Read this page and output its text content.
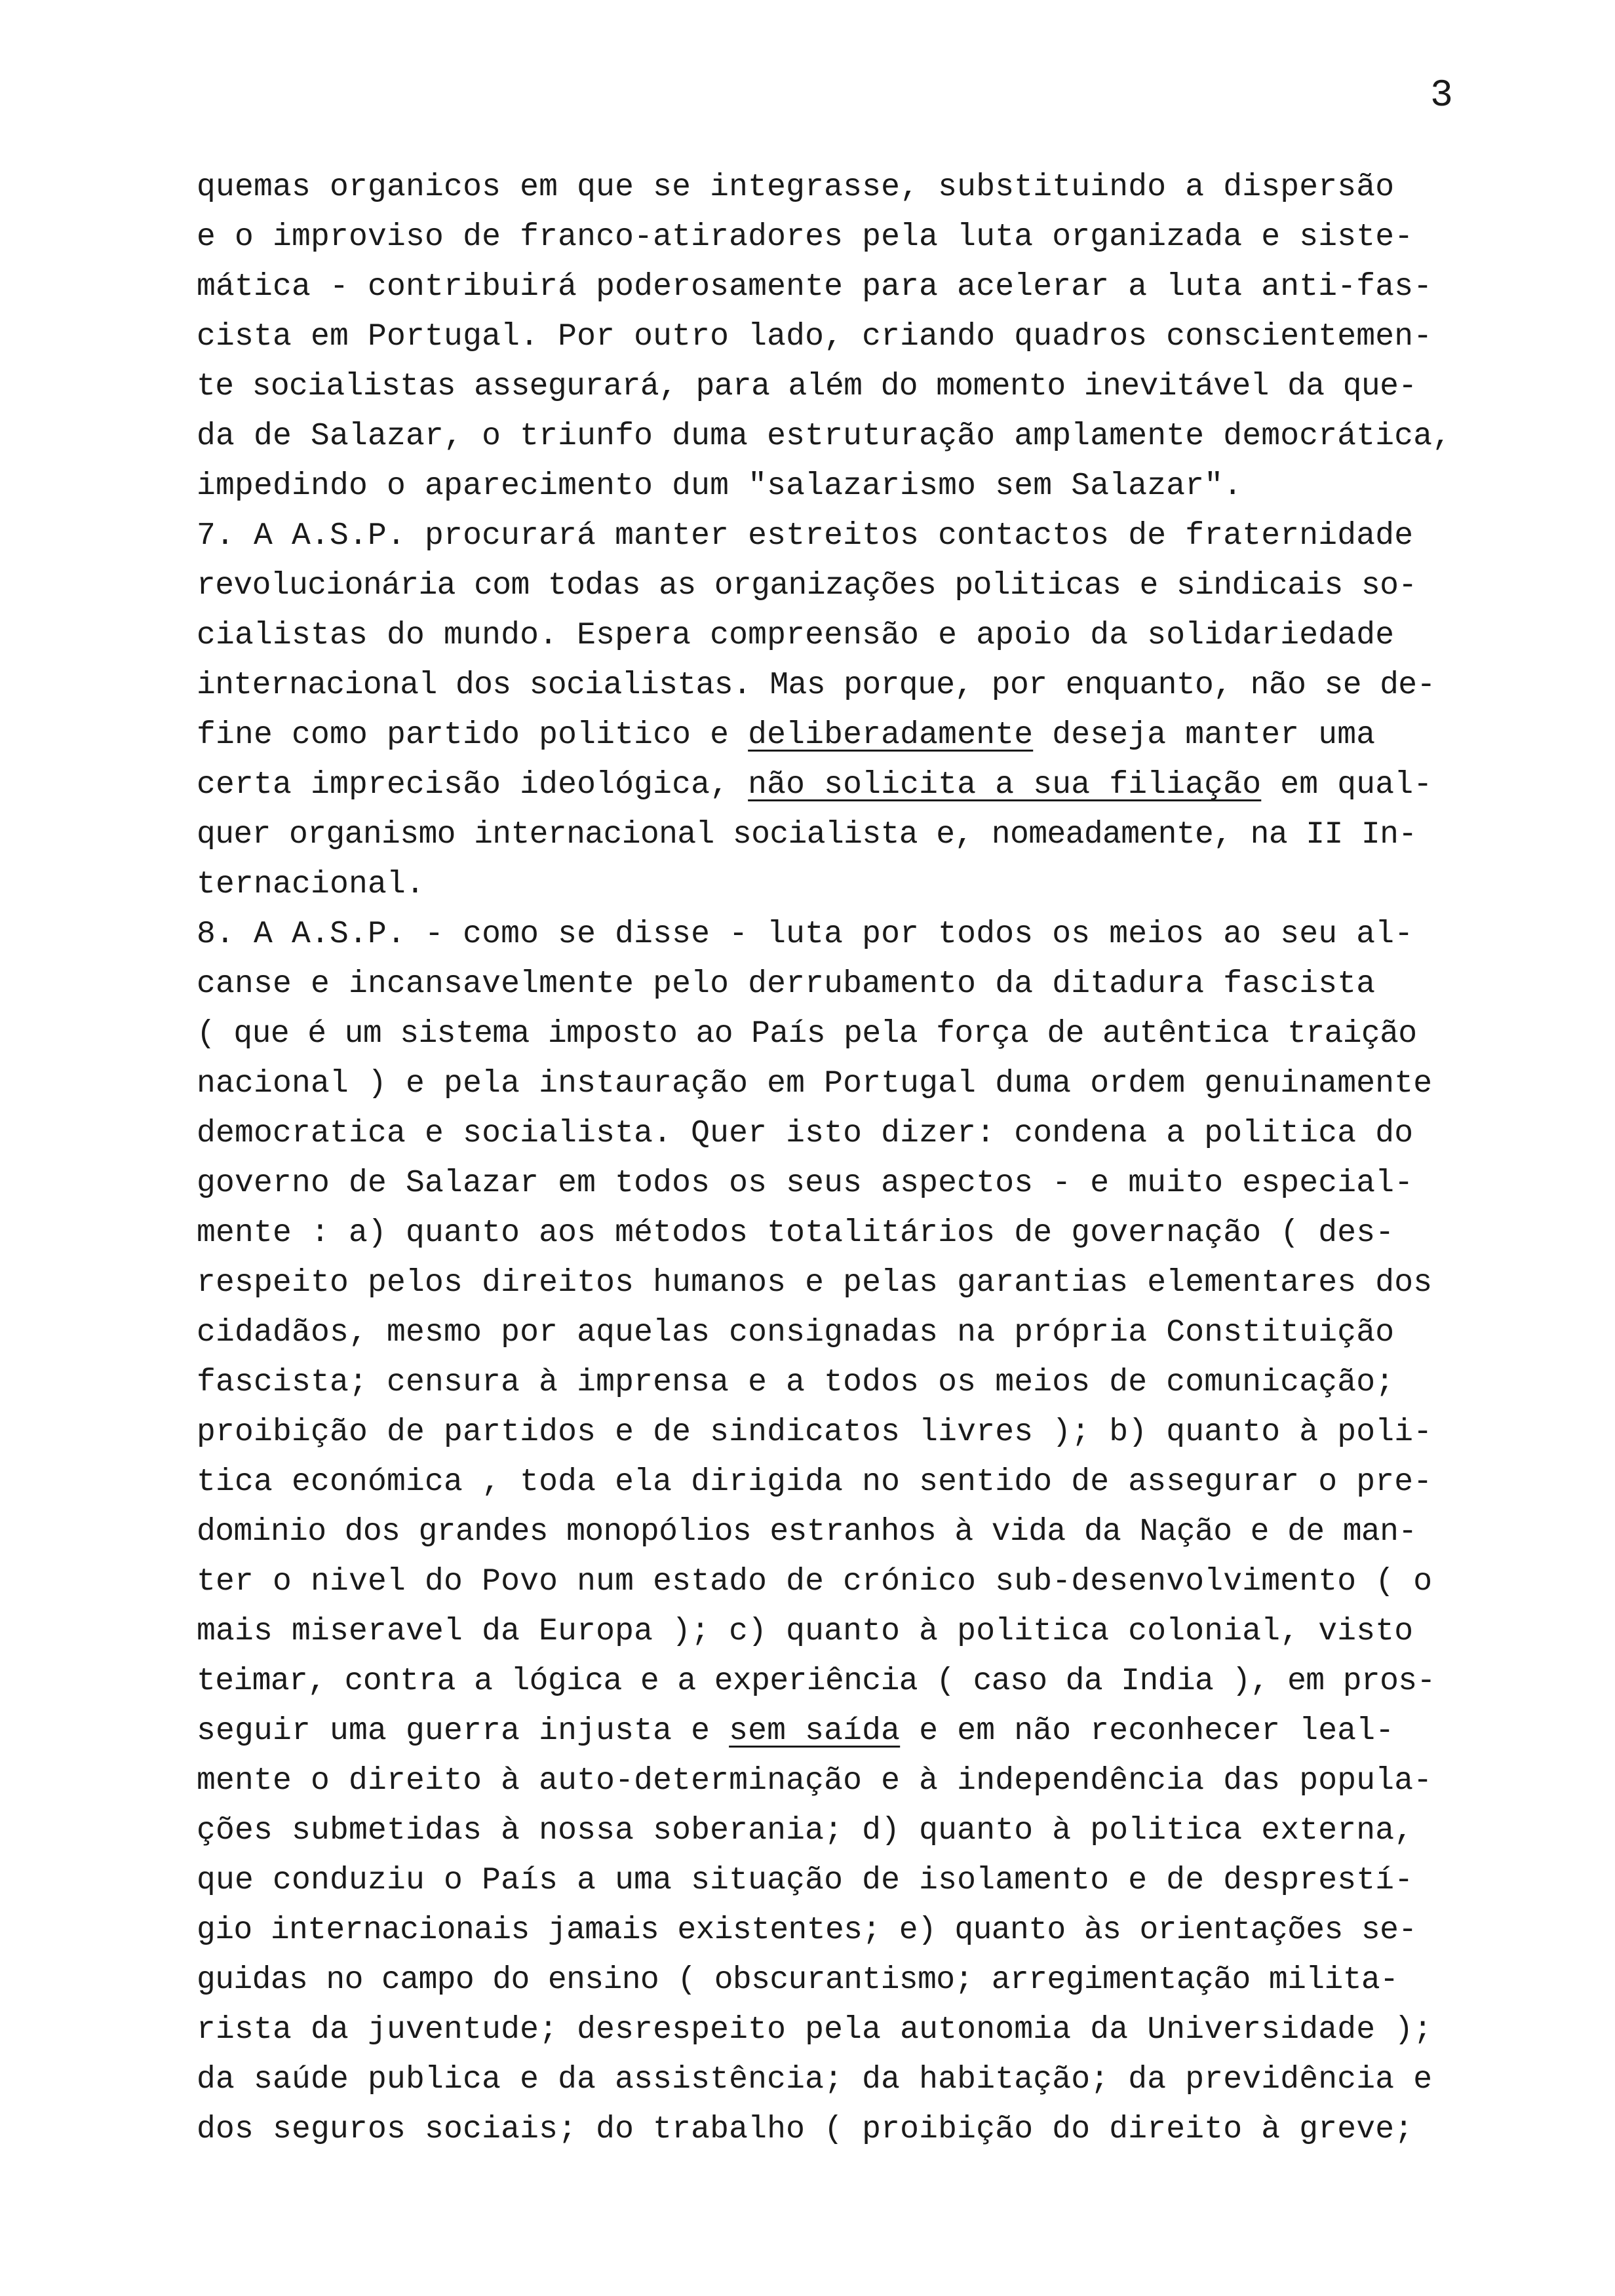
3
quemas organicos em que se integrasse, substituindo a dispersão
e o improviso de franco-atiradores pela luta organizada e siste-
mática - contribuirá poderosamente para acelerar a luta anti-fas-
cista em Portugal. Por outro lado, criando quadros conscientemen-
te socialistas assegurará, para além do momento inevitável da que-
da de Salazar, o triunfo duma estruturação amplamente democrática,
impedindo o aparecimento dum "salazarismo sem Salazar".
7. A A.S.P. procurará manter estreitos contactos de fraternidade
revolucionária com todas as organizações politicas e sindicais so-
cialistas do mundo. Espera compreensão e apoio da solidariedade
internacional dos socialistas. Mas porque, por enquanto, não se de-
fine como partido politico e deliberadamente deseja manter uma
certa imprecisão ideológica, não solicita a sua filiação em qual-
quer organismo internacional socialista e, nomeadamente, na II In-
ternacional.
8. A A.S.P. - como se disse - luta por todos os meios ao seu al-
canse e incansavelmente pelo derrubamento da ditadura fascista
( que é um sistema imposto ao País pela força de autêntica traição
nacional ) e pela instauração em Portugal duma ordem genuinamente
democratica e socialista. Quer isto dizer: condena a politica do
governo de Salazar em todos os seus aspectos - e muito especial-
mente : a) quanto aos métodos totalitários de governação ( des-
respeito pelos direitos humanos e pelas garantias elementares dos
cidadãos, mesmo por aquelas consignadas na própria Constituição
fascista; censura à imprensa e a todos os meios de comunicação;
proibição de partidos e de sindicatos livres ); b) quanto à poli-
tica económica , toda ela dirigida no sentido de assegurar o pre-
dominio dos grandes monopólios estranhos à vida da Nação e de man-
ter o nivel do Povo num estado de crónico sub-desenvolvimento ( o
mais miseravel da Europa ); c) quanto à politica colonial, visto
teimar, contra a lógica e a experiência ( caso da India ), em pros-
seguir uma guerra injusta e sem saída e em não reconhecer leal-
mente o direito à auto-determinação e à independência das popula-
ções submetidas à nossa soberania; d) quanto à politica externa,
que conduziu o País a uma situação de isolamento e de desprestí-
gio internacionais jamais existentes; e) quanto às orientações se-
guidas no campo do ensino ( obscurantismo; arregimentação milita-
rista da juventude; desrespeito pela autonomia da Universidade );
da saúde publica e da assistência; da habitação; da previdência e
dos seguros sociais; do trabalho ( proibição do direito à greve;
